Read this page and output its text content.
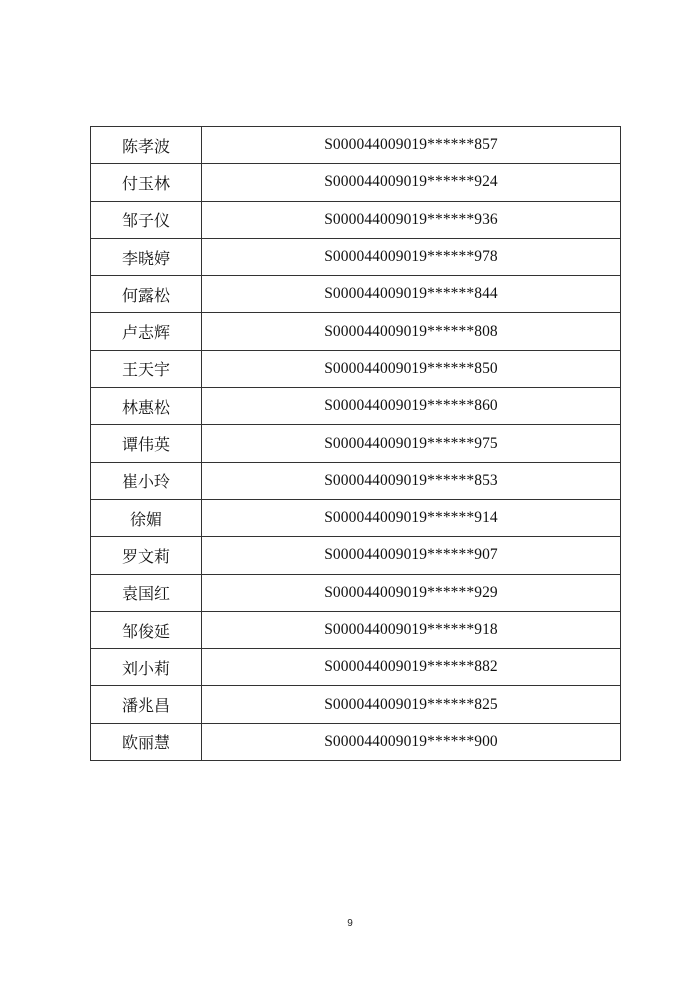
陈孝波	S000044009019******857
付玉林	S000044009019******924
邹子仪	S000044009019******936
李晓婷	S000044009019******978
何露松	S000044009019******844
卢志辉	S000044009019******808
王天宇	S000044009019******850
林惠松	S000044009019******860
谭伟英	S000044009019******975
崔小玲	S000044009019******853
徐媚	S000044009019******914
罗文莉	S000044009019******907
袁国红	S000044009019******929
邹俊延	S000044009019******918
刘小莉	S000044009019******882
潘兆昌	S000044009019******825
欧丽慧	S000044009019******900
9
